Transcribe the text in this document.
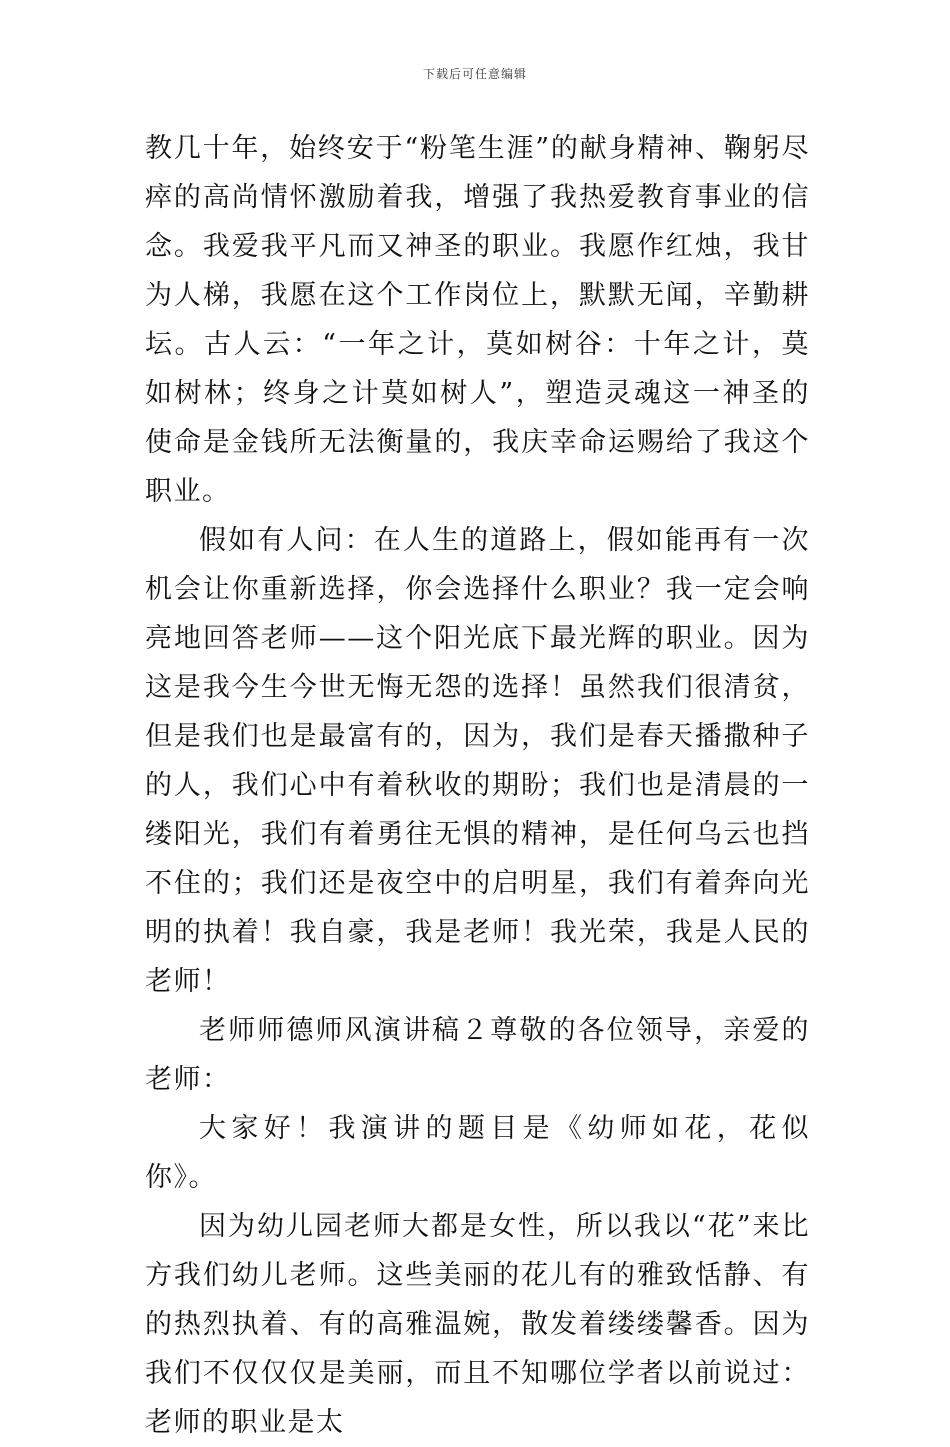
下载后可任意编辑

教几十年，始终安于“粉笔生涯”的献身精神、鞠躬尽瘁的高尚情怀激励着我，增强了我热爱教育事业的信念。我爱我平凡而又神圣的职业。我愿作红烛，我甘为人梯，我愿在这个工作岗位上，默默无闻，辛勤耕坛。古人云：“一年之计，莫如树谷：十年之计，莫如树林；终身之计莫如树人”，塑造灵魂这一神圣的使命是金钱所无法衡量的，我庆幸命运赐给了我这个职业。

假如有人问：在人生的道路上，假如能再有一次机会让你重新选择，你会选择什么职业？我一定会响亮地回答老师——这个阳光底下最光辉的职业。因为这是我今生今世无悔无怨的选择！虽然我们很清贫，但是我们也是最富有的，因为，我们是春天播撒种子的人，我们心中有着秋收的期盼；我们也是清晨的一缕阳光，我们有着勇往无惧的精神，是任何乌云也挡不住的；我们还是夜空中的启明星，我们有着奔向光明的执着！我自豪，我是老师！我光荣，我是人民的老师！

老师师德师风演讲稿２尊敬的各位领导，亲爱的老师：

大家好！我演讲的题目是《幼师如花，花似你》。

因为幼儿园老师大都是女性，所以我以“花”来比方我们幼儿老师。这些美丽的花儿有的雅致恬静、有的热烈执着、有的高雅温婉，散发着缕缕馨香。因为我们不仅仅仅是美丽，而且不知哪位学者以前说过：老师的职业是太
